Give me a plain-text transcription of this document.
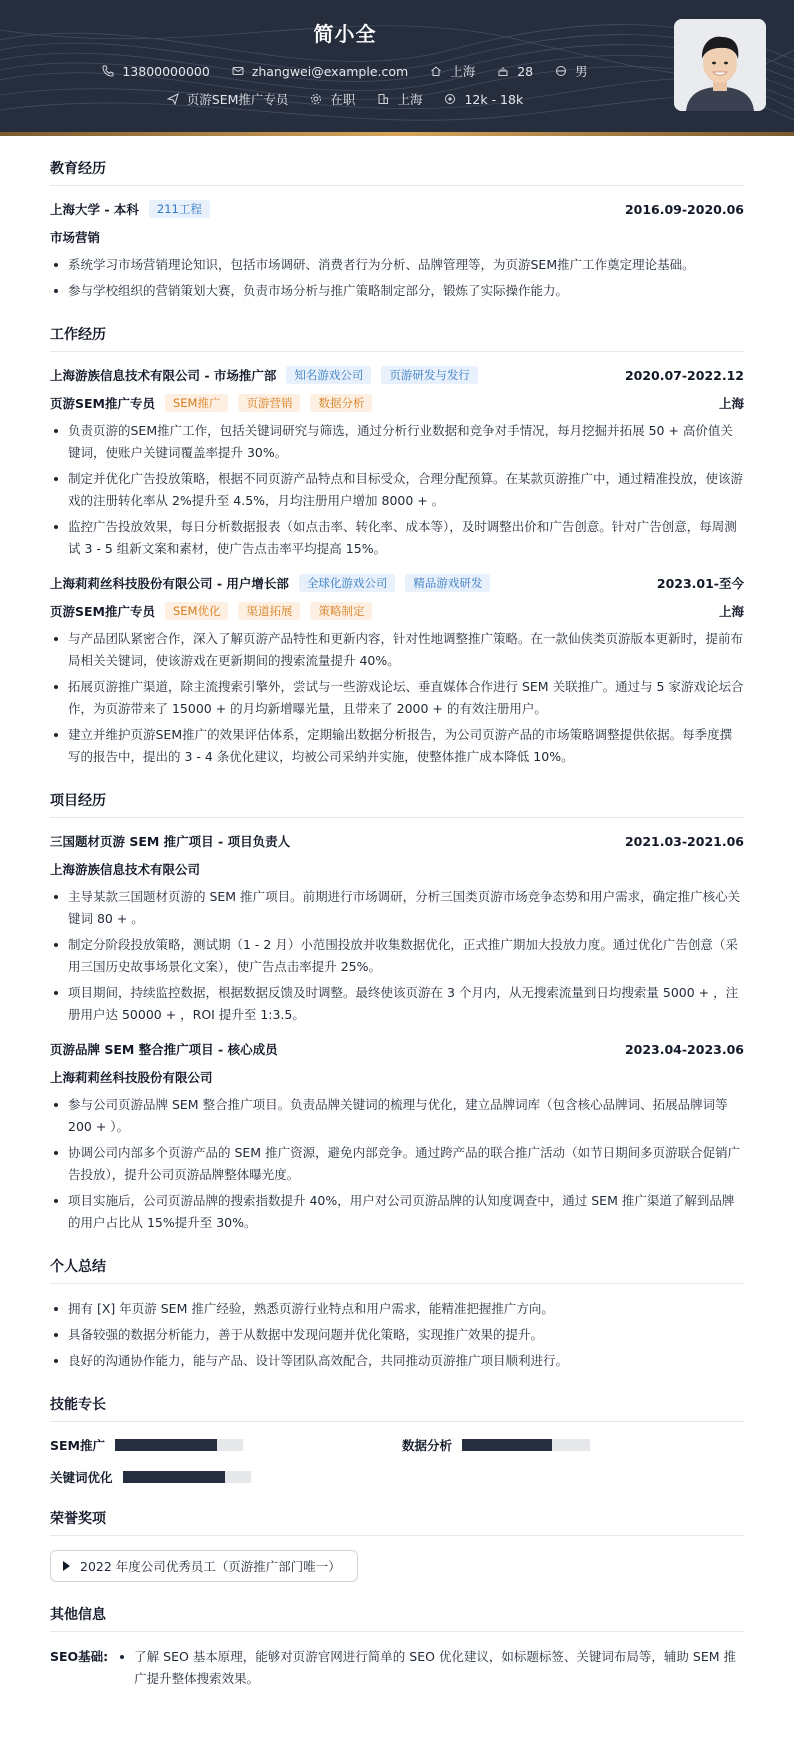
简小全
13800000000	zhangwei@example.com	上海	28	男
页游SEM推广专员	在职	上海	12k - 18k
教育经历
上海大学 - 本科	211工程	2016.09-2020.06
市场营销
系统学习市场营销理论知识，包括市场调研、消费者行为分析、品牌管理等，为页游SEM推广工作奠定理论基础。
参与学校组织的营销策划大赛，负责市场分析与推广策略制定部分，锻炼了实际操作能力。
工作经历
上海游族信息技术有限公司 - 市场推广部	知名游戏公司	页游研发与发行	2020.07-2022.12
页游SEM推广专员	SEM推广	页游营销	数据分析	上海
负责页游的SEM推广工作，包括关键词研究与筛选，通过分析行业数据和竞争对手情况，每月挖掘并拓展 50 + 高价值关键词，使账户关键词覆盖率提升 30%。
制定并优化广告投放策略，根据不同页游产品特点和目标受众，合理分配预算。在某款页游推广中，通过精准投放，使该游戏的注册转化率从 2%提升至 4.5%，月均注册用户增加 8000 + 。
监控广告投放效果，每日分析数据报表（如点击率、转化率、成本等），及时调整出价和广告创意。针对广告创意，每周测试 3 - 5 组新文案和素材，使广告点击率平均提高 15%。
上海莉莉丝科技股份有限公司 - 用户增长部	全球化游戏公司	精品游戏研发	2023.01-至今
页游SEM推广专员	SEM优化	渠道拓展	策略制定	上海
与产品团队紧密合作，深入了解页游产品特性和更新内容，针对性地调整推广策略。在一款仙侠类页游版本更新时，提前布局相关关键词，使该游戏在更新期间的搜索流量提升 40%。
拓展页游推广渠道，除主流搜索引擎外，尝试与一些游戏论坛、垂直媒体合作进行 SEM 关联推广。通过与 5 家游戏论坛合作，为页游带来了 15000 + 的月均新增曝光量，且带来了 2000 + 的有效注册用户。
建立并维护页游SEM推广的效果评估体系，定期输出数据分析报告，为公司页游产品的市场策略调整提供依据。每季度撰写的报告中，提出的 3 - 4 条优化建议，均被公司采纳并实施，使整体推广成本降低 10%。
项目经历
三国题材页游 SEM 推广项目 - 项目负责人	2021.03-2021.06
上海游族信息技术有限公司
主导某款三国题材页游的 SEM 推广项目。前期进行市场调研，分析三国类页游市场竞争态势和用户需求，确定推广核心关键词 80 + 。
制定分阶段投放策略，测试期（1 - 2 月）小范围投放并收集数据优化，正式推广期加大投放力度。通过优化广告创意（采用三国历史故事场景化文案），使广告点击率提升 25%。
项目期间，持续监控数据，根据数据反馈及时调整。最终使该页游在 3 个月内，从无搜索流量到日均搜索量 5000 + ，注册用户达 50000 + ，ROI 提升至 1:3.5。
页游品牌 SEM 整合推广项目 - 核心成员	2023.04-2023.06
上海莉莉丝科技股份有限公司
参与公司页游品牌 SEM 整合推广项目。负责品牌关键词的梳理与优化，建立品牌词库（包含核心品牌词、拓展品牌词等 200 + ）。
协调公司内部多个页游产品的 SEM 推广资源，避免内部竞争。通过跨产品的联合推广活动（如节日期间多页游联合促销广告投放），提升公司页游品牌整体曝光度。
项目实施后，公司页游品牌的搜索指数提升 40%，用户对公司页游品牌的认知度调查中，通过 SEM 推广渠道了解到品牌的用户占比从 15%提升至 30%。
个人总结
拥有 [X] 年页游 SEM 推广经验，熟悉页游行业特点和用户需求，能精准把握推广方向。
具备较强的数据分析能力，善于从数据中发现问题并优化策略，实现推广效果的提升。
良好的沟通协作能力，能与产品、设计等团队高效配合，共同推动页游推广项目顺利进行。
技能专长
SEM推广	数据分析
关键词优化
荣誉奖项
2022 年度公司优秀员工（页游推广部门唯一）
其他信息
SEO基础:	了解 SEO 基本原理，能够对页游官网进行简单的 SEO 优化建议，如标题标签、关键词布局等，辅助 SEM 推广提升整体搜索效果。
